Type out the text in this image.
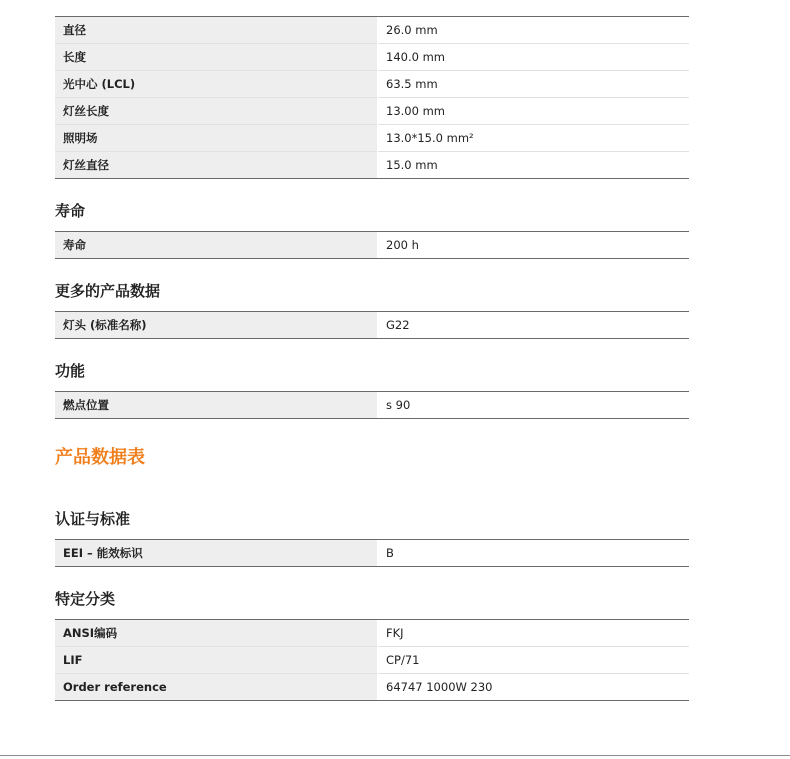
直径	26.0 mm
长度	140.0 mm
光中心 (LCL)	63.5 mm
灯丝长度	13.00 mm
照明场	13.0*15.0 mm²
灯丝直径	15.0 mm
寿命
寿命	200 h
更多的产品数据
灯头 (标准名称)	G22
功能
燃点位置	s 90
产品数据表
认证与标准
EEI – 能效标识	B
特定分类
ANSI编码	FKJ
LIF	CP/71
Order reference	64747 1000W 230
